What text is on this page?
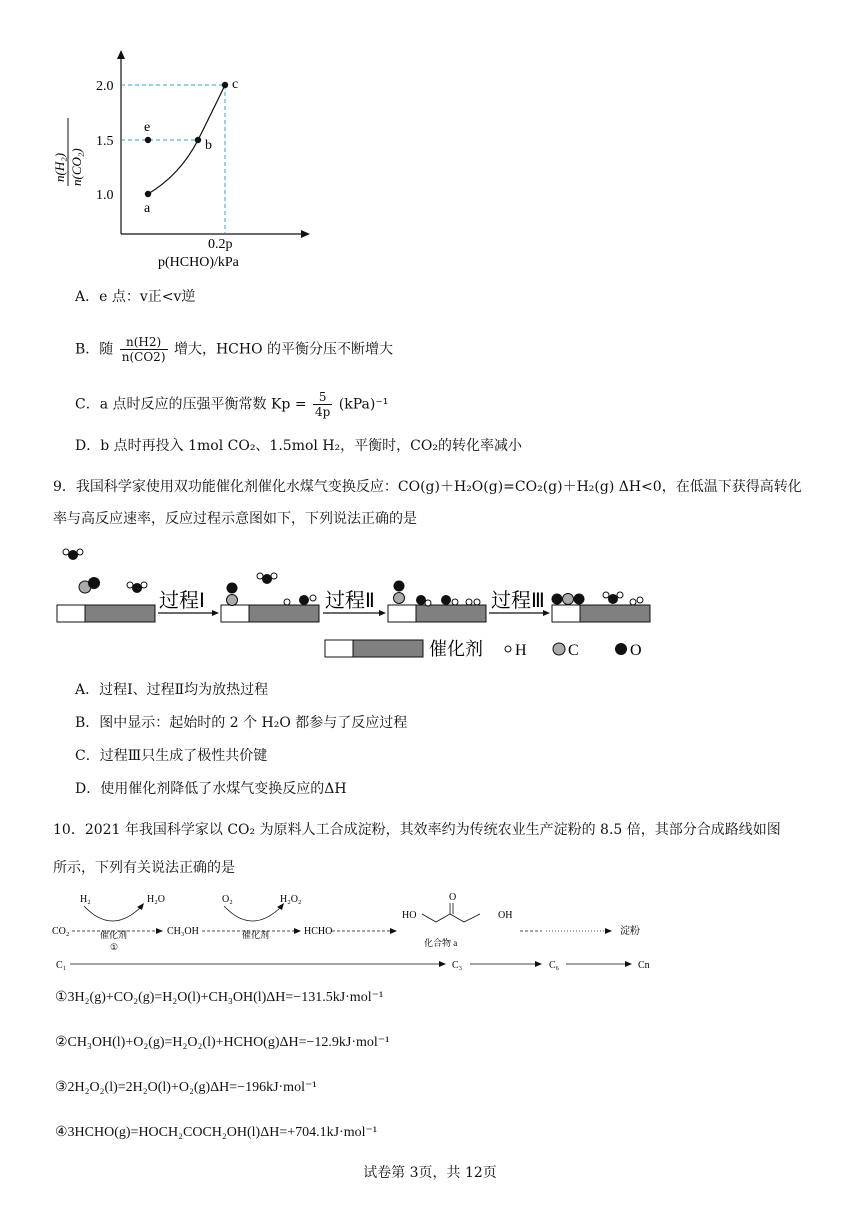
a
b
c
e
2.0
1.5
1.0
0.2p
p(HCHO)/kPa
n(H₂) n(CO₂)
A．e 点：v正<v逆
B．随 $\frac{n(H2)}{n(CO2)}$ 增大，HCHO 的平衡分压不断增大
C．a 点时反应的压强平衡常数 $Kp = \frac{5}{4p} (kPa)^{-1}$
D．b 点时再投入 1mol CO₂、1.5mol H₂，平衡时，CO₂的转化率减小
9．我国科学家使用双功能催化剂催化水煤气变换反应：CO(g)＋H₂O(g)=CO₂(g)＋H₂(g) ΔH<0，在低温下获得高转化
率与高反应速率，反应过程示意图如下，下列说法正确的是
过程Ⅰ	过程Ⅱ	过程Ⅲ
催化剂 H	C	O
A．过程Ⅰ、过程Ⅱ均为放热过程
B．图中显示：起始时的 2 个 H₂O 都参与了反应过程
C．过程Ⅲ只生成了极性共价键
D．使用催化剂降低了水煤气变换反应的ΔH
10．2021 年我国科学家以 CO₂ 为原料人工合成淀粉，其效率约为传统农业生产淀粉的 8.5 倍，其部分合成路线如图
所示，下列有关说法正确的是
H₂	H₂O	O₂	H₂O₂
CO₂	CH₃OH	HCHO
催化剂
①
催化剂
HO
O
OH
化合物 a
淀粉
C₁	C₃	C₆	Cn
①3H₂(g)+CO₂(g)=H₂O(l)+CH₃OH(l)ΔH=−131.5kJ·mol⁻¹
②CH₃OH(l)+O₂(g)=H₂O₂(l)+HCHO(g)ΔH=−12.9kJ·mol⁻¹
③2H₂O₂(l)=2H₂O(l)+O₂(g)ΔH=−196kJ·mol⁻¹
④3HCHO(g)=HOCH₂COCH₂OH(l)ΔH=+704.1kJ·mol⁻¹
试卷第 3页，共 12页
